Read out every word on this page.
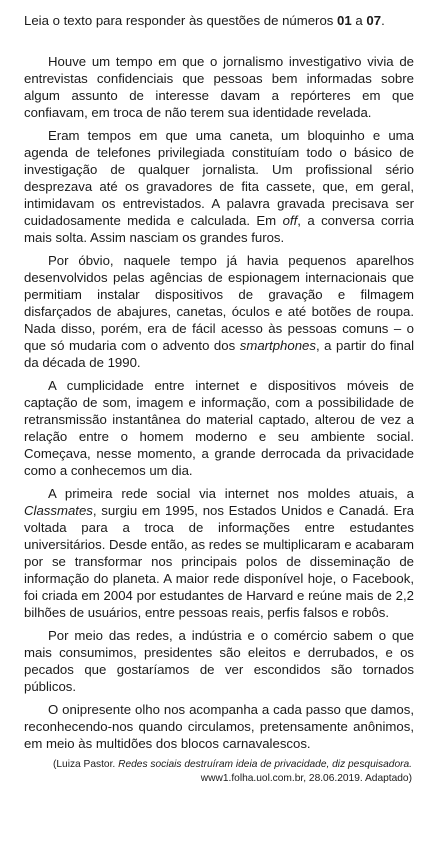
Leia o texto para responder às questões de números 01 a 07.

Houve um tempo em que o jornalismo investigativo vivia de entrevistas confidenciais que pessoas bem informadas sobre algum assunto de interesse davam a repórteres em que confiavam, em troca de não terem sua identidade revelada.

Eram tempos em que uma caneta, um bloquinho e uma agenda de telefones privilegiada constituíam todo o básico de investigação de qualquer jornalista. Um profissional sério desprezava até os gravadores de fita cassete, que, em geral, intimidavam os entrevistados. A palavra gravada precisava ser cuidadosamente medida e calculada. Em off, a conversa corria mais solta. Assim nasciam os grandes furos.

Por óbvio, naquele tempo já havia pequenos aparelhos desenvolvidos pelas agências de espionagem internacionais que permitiam instalar dispositivos de gravação e filmagem disfarçados de abajures, canetas, óculos e até botões de roupa. Nada disso, porém, era de fácil acesso às pessoas comuns – o que só mudaria com o advento dos smartphones, a partir do final da década de 1990.

A cumplicidade entre internet e dispositivos móveis de captação de som, imagem e informação, com a possibilidade de retransmissão instantânea do material captado, alterou de vez a relação entre o homem moderno e seu ambiente social. Começava, nesse momento, a grande derrocada da privacidade como a conhecemos um dia.

A primeira rede social via internet nos moldes atuais, a Classmates, surgiu em 1995, nos Estados Unidos e Canadá. Era voltada para a troca de informações entre estudantes universitários. Desde então, as redes se multiplicaram e acabaram por se transformar nos principais polos de disseminação de informação do planeta. A maior rede disponível hoje, o Facebook, foi criada em 2004 por estudantes de Harvard e reúne mais de 2,2 bilhões de usuários, entre pessoas reais, perfis falsos e robôs.

Por meio das redes, a indústria e o comércio sabem o que mais consumimos, presidentes são eleitos e derrubados, e os pecados que gostaríamos de ver escondidos são tornados públicos.

O onipresente olho nos acompanha a cada passo que damos, reconhecendo-nos quando circulamos, pretensamente anônimos, em meio às multidões dos blocos carnavalescos.

(Luiza Pastor. Redes sociais destruíram ideia de privacidade, diz pesquisadora. www1.folha.uol.com.br, 28.06.2019. Adaptado)
